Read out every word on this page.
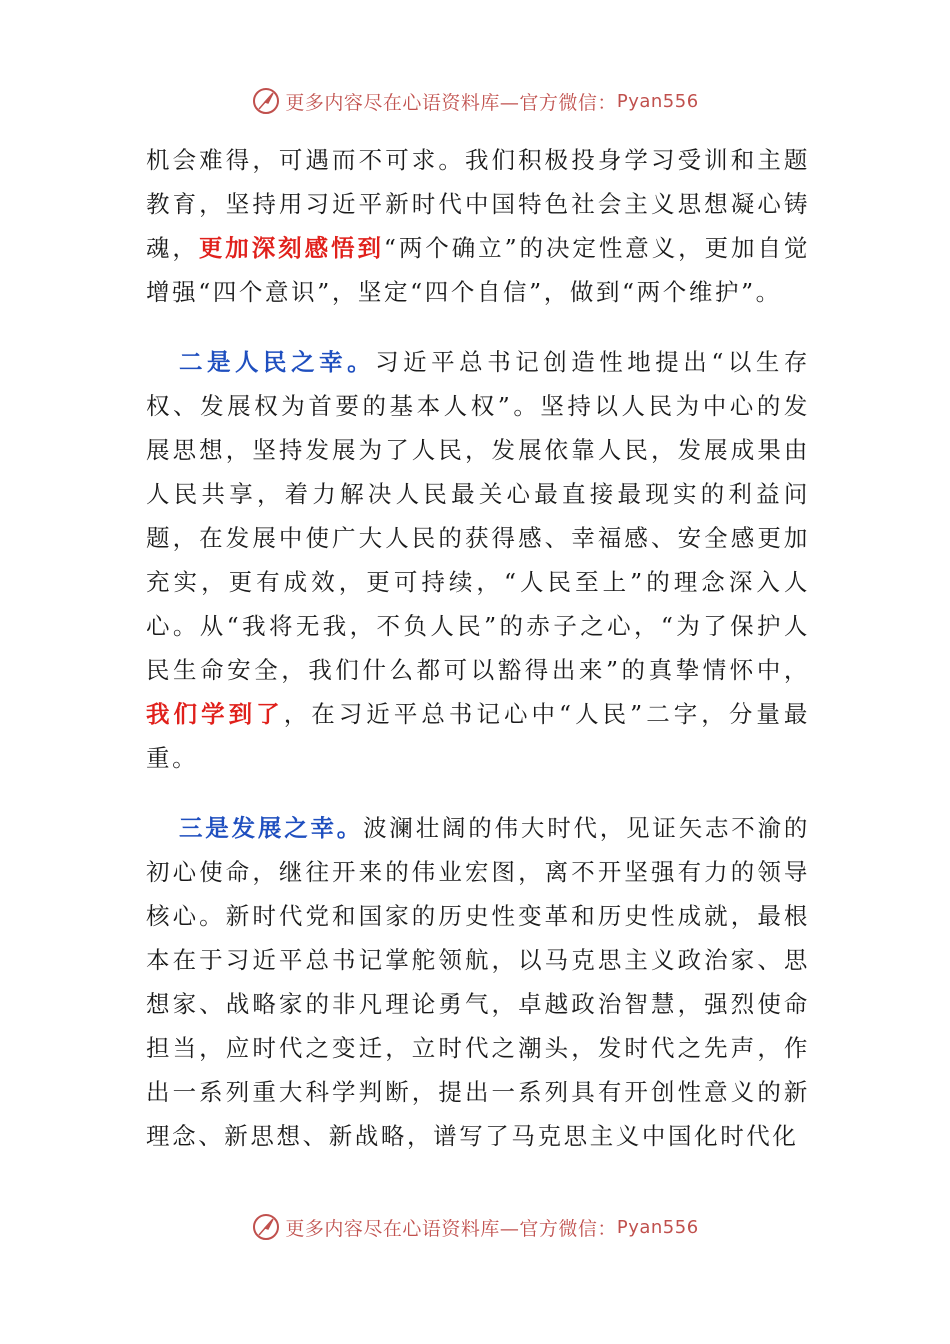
更多内容尽在心语资料库—官方微信： Pyan556

机会难得，可遇而不可求。我们积极投身学习受训和主题教育，坚持用习近平新时代中国特色社会主义思想凝心铸魂，更加深刻感悟到“两个确立”的决定性意义，更加自觉增强“四个意识”，坚定“四个自信”，做到“两个维护”。

二是人民之幸。习近平总书记创造性地提出“以生存权、发展权为首要的基本人权”。坚持以人民为中心的发展思想，坚持发展为了人民，发展依靠人民，发展成果由人民共享，着力解决人民最关心最直接最现实的利益问题，在发展中使广大人民的获得感、幸福感、安全感更加充实，更有成效，更可持续，“人民至上”的理念深入人心。从“我将无我，不负人民”的赤子之心，“为了保护人民生命安全，我们什么都可以豁得出来”的真挚情怀中，我们学到了，在习近平总书记心中“人民”二字，分量最重。

三是发展之幸。波澜壮阔的伟大时代，见证矢志不渝的初心使命，继往开来的伟业宏图，离不开坚强有力的领导核心。新时代党和国家的历史性变革和历史性成就，最根本在于习近平总书记掌舵领航，以马克思主义政治家、思想家、战略家的非凡理论勇气，卓越政治智慧，强烈使命担当，应时代之变迁，立时代之潮头，发时代之先声，作出一系列重大科学判断，提出一系列具有开创性意义的新理念、新思想、新战略，谱写了马克思主义中国化时代化

更多内容尽在心语资料库—官方微信： Pyan556
